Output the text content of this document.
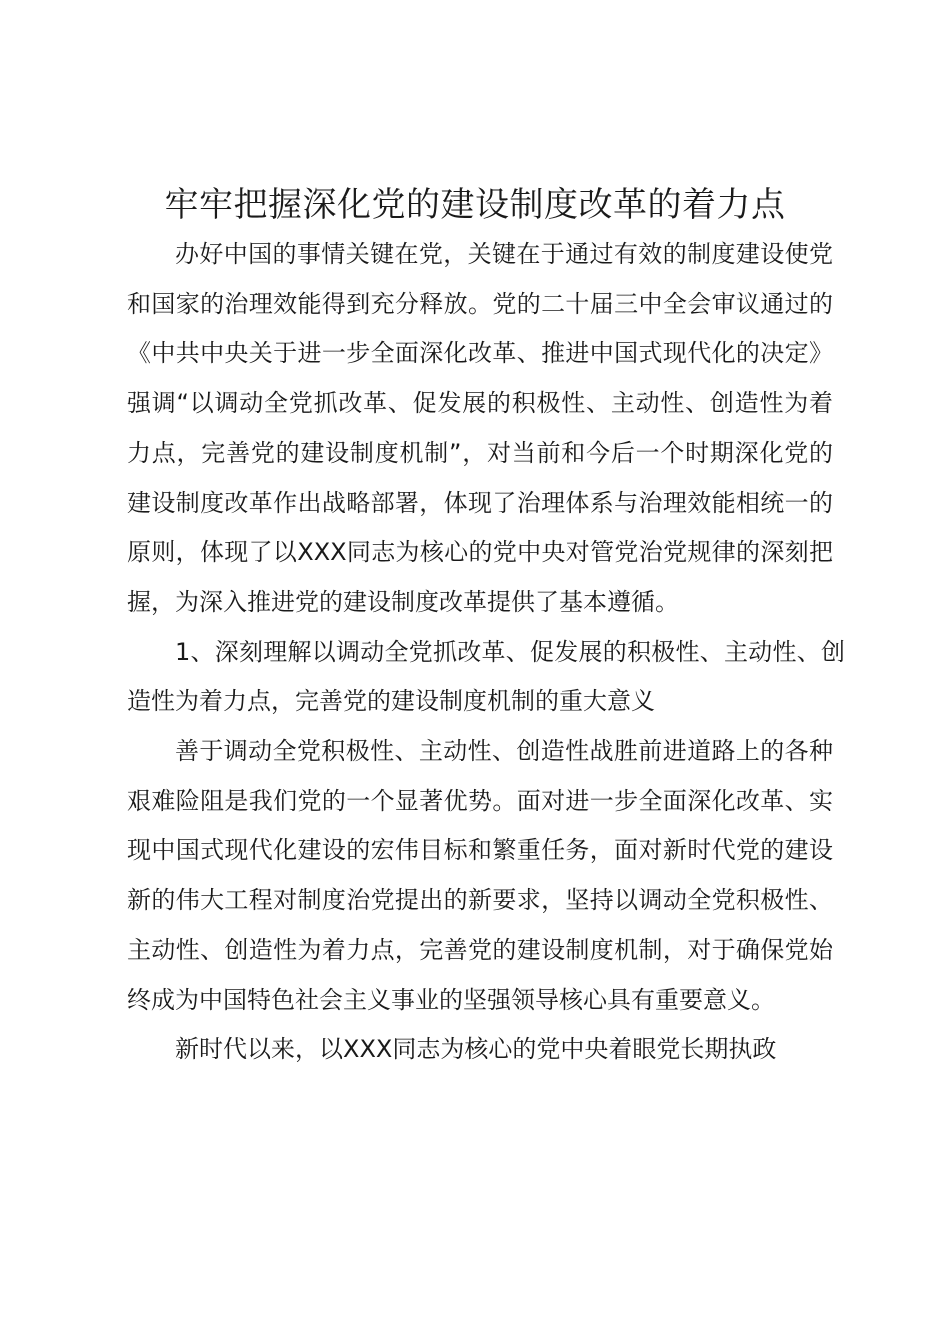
牢牢把握深化党的建设制度改革的着力点

办好中国的事情关键在党，关键在于通过有效的制度建设使党和国家的治理效能得到充分释放。党的二十届三中全会审议通过的《中共中央关于进一步全面深化改革、推进中国式现代化的决定》强调“以调动全党抓改革、促发展的积极性、主动性、创造性为着力点，完善党的建设制度机制”，对当前和今后一个时期深化党的建设制度改革作出战略部署，体现了治理体系与治理效能相统一的原则，体现了以XXX同志为核心的党中央对管党治党规律的深刻把握，为深入推进党的建设制度改革提供了基本遵循。

1、深刻理解以调动全党抓改革、促发展的积极性、主动性、创造性为着力点，完善党的建设制度机制的重大意义

善于调动全党积极性、主动性、创造性战胜前进道路上的各种艰难险阻是我们党的一个显著优势。面对进一步全面深化改革、实现中国式现代化建设的宏伟目标和繁重任务，面对新时代党的建设新的伟大工程对制度治党提出的新要求，坚持以调动全党积极性、主动性、创造性为着力点，完善党的建设制度机制，对于确保党始终成为中国特色社会主义事业的坚强领导核心具有重要意义。

新时代以来，以XXX同志为核心的党中央着眼党长期执政
